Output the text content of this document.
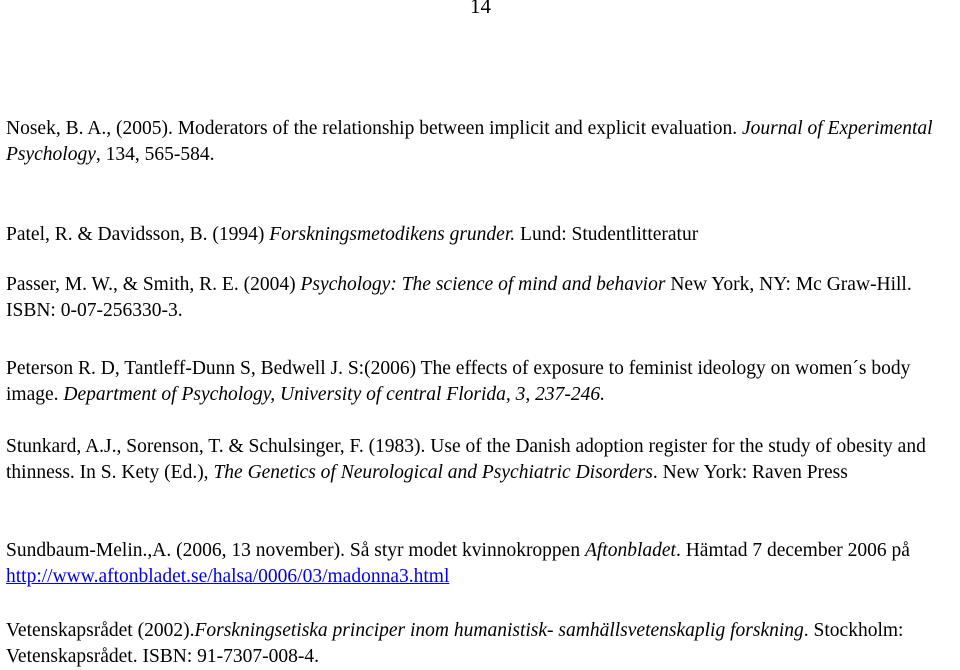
14

Nosek, B. A., (2005). Moderators of the relationship between implicit and explicit evaluation. Journal of Experimental Psychology, 134, 565-584.

Patel, R. & Davidsson, B. (1994) Forskningsmetodikens grunder. Lund: Studentlitteratur

Passer, M. W., & Smith, R. E. (2004) Psychology: The science of mind and behavior New York, NY: Mc Graw-Hill. ISBN: 0-07-256330-3.

Peterson R. D, Tantleff-Dunn S, Bedwell J. S:(2006) The effects of exposure to feminist ideology on women´s body image. Department of Psychology, University of central Florida, 3, 237-246.

Stunkard, A.J., Sorenson, T. & Schulsinger, F. (1983). Use of the Danish adoption register for the study of obesity and thinness. In S. Kety (Ed.), The Genetics of Neurological and Psychiatric Disorders. New York: Raven Press

Sundbaum-Melin.,A. (2006, 13 november). Så styr modet kvinnokroppen Aftonbladet. Hämtad 7 december 2006 på http://www.aftonbladet.se/halsa/0006/03/madonna3.html

Vetenskapsrådet (2002).Forskningsetiska principer inom humanistisk- samhällsvetenskaplig forskning. Stockholm: Vetenskapsrådet. ISBN: 91-7307-008-4.
